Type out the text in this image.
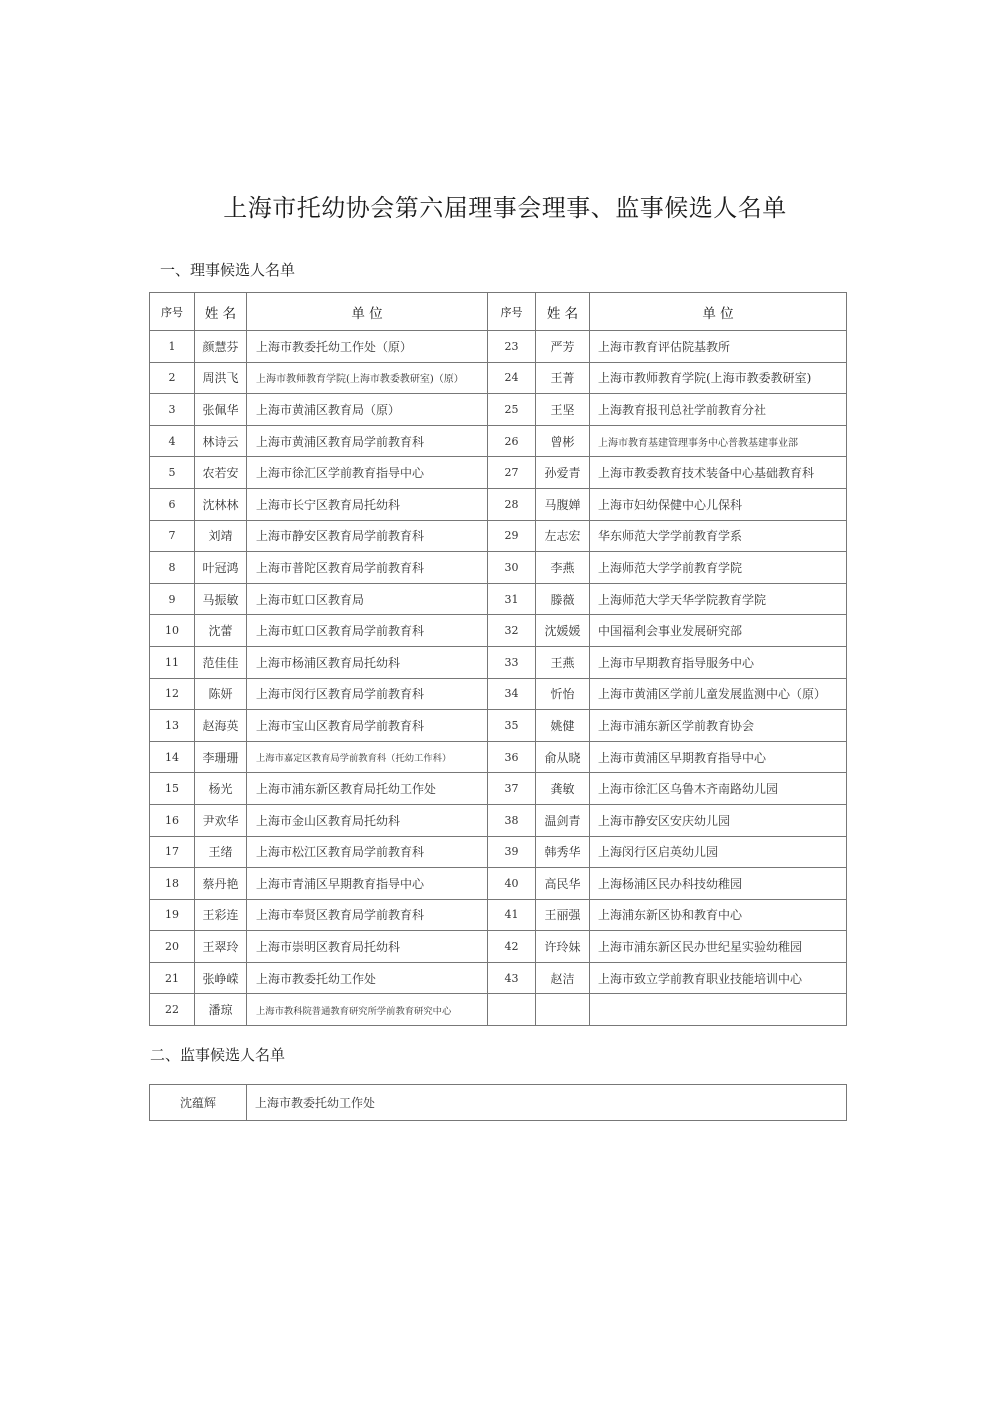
上海市托幼协会第六届理事会理事、监事候选人名单
一、理事候选人名单
序号	姓 名	单 位	序号	姓 名	单 位
1	颜慧芬	上海市教委托幼工作处（原）	23	严芳	上海市教育评估院基教所
2	周洪飞	上海市教师教育学院(上海市教委教研室)（原）	24	王菁	上海市教师教育学院(上海市教委教研室)
3	张佩华	上海市黄浦区教育局（原）	25	王坚	上海教育报刊总社学前教育分社
4	林诗云	上海市黄浦区教育局学前教育科	26	曾彬	上海市教育基建管理事务中心普教基建事业部
5	农若安	上海市徐汇区学前教育指导中心	27	孙爱青	上海市教委教育技术装备中心基础教育科
6	沈林林	上海市长宁区教育局托幼科	28	马腹婵	上海市妇幼保健中心儿保科
7	刘靖	上海市静安区教育局学前教育科	29	左志宏	华东师范大学学前教育学系
8	叶冠鸿	上海市普陀区教育局学前教育科	30	李燕	上海师范大学学前教育学院
9	马振敏	上海市虹口区教育局	31	滕薇	上海师范大学天华学院教育学院
10	沈蕾	上海市虹口区教育局学前教育科	32	沈媛媛	中国福利会事业发展研究部
11	范佳佳	上海市杨浦区教育局托幼科	33	王燕	上海市早期教育指导服务中心
12	陈妍	上海市闵行区教育局学前教育科	34	忻怡	上海市黄浦区学前儿童发展监测中心（原）
13	赵海英	上海市宝山区教育局学前教育科	35	姚健	上海市浦东新区学前教育协会
14	李珊珊	上海市嘉定区教育局学前教育科（托幼工作科）	36	俞从晓	上海市黄浦区早期教育指导中心
15	杨光	上海市浦东新区教育局托幼工作处	37	龚敏	上海市徐汇区乌鲁木齐南路幼儿园
16	尹欢华	上海市金山区教育局托幼科	38	温剑青	上海市静安区安庆幼儿园
17	王绪	上海市松江区教育局学前教育科	39	韩秀华	上海闵行区启英幼儿园
18	蔡丹艳	上海市青浦区早期教育指导中心	40	高民华	上海杨浦区民办科技幼稚园
19	王彩连	上海市奉贤区教育局学前教育科	41	王丽强	上海浦东新区协和教育中心
20	王翠玲	上海市崇明区教育局托幼科	42	许玲妹	上海市浦东新区民办世纪星实验幼稚园
21	张峥嵘	上海市教委托幼工作处	43	赵洁	上海市致立学前教育职业技能培训中心
22	潘琼	上海市教科院普通教育研究所学前教育研究中心			
二、监事候选人名单
沈蕴辉	上海市教委托幼工作处
